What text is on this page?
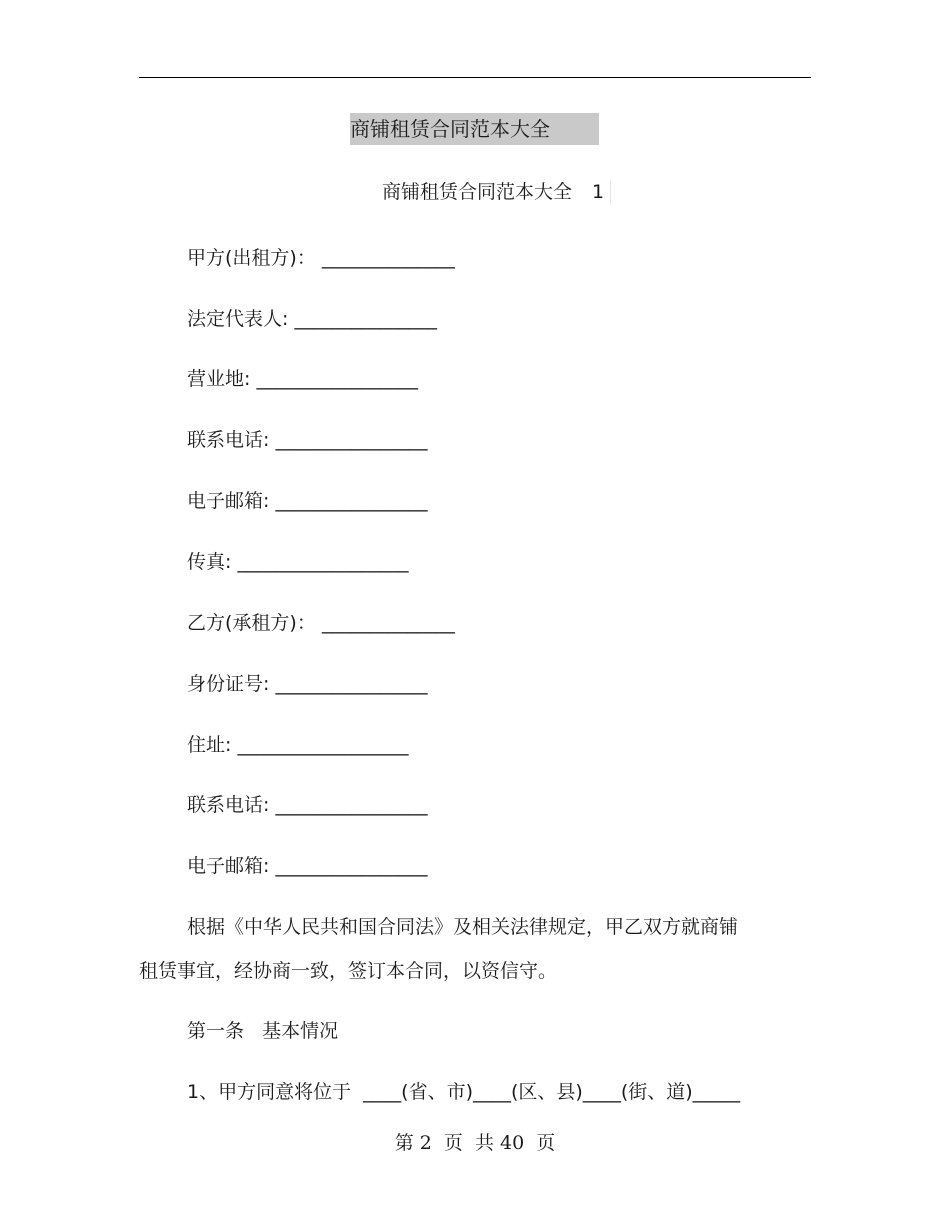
商铺租赁合同范本大全
商铺租赁合同范本大全 1
甲方(出租方)： ______________
法定代表人: _______________
营业地: _________________
联系电话: ________________
电子邮箱: ________________
传真: __________________
乙方(承租方)： ______________
身份证号: ________________
住址: __________________
联系电话: ________________
电子邮箱: ________________
根据《中华人民共和国合同法》及相关法律规定，甲乙双方就商铺
租赁事宜，经协商一致，签订本合同，以资信守。
第一条   基本情况
1、甲方同意将位于  ____(省、市)____(区、县)____(街、道)_____
第 2  页  共 40  页
